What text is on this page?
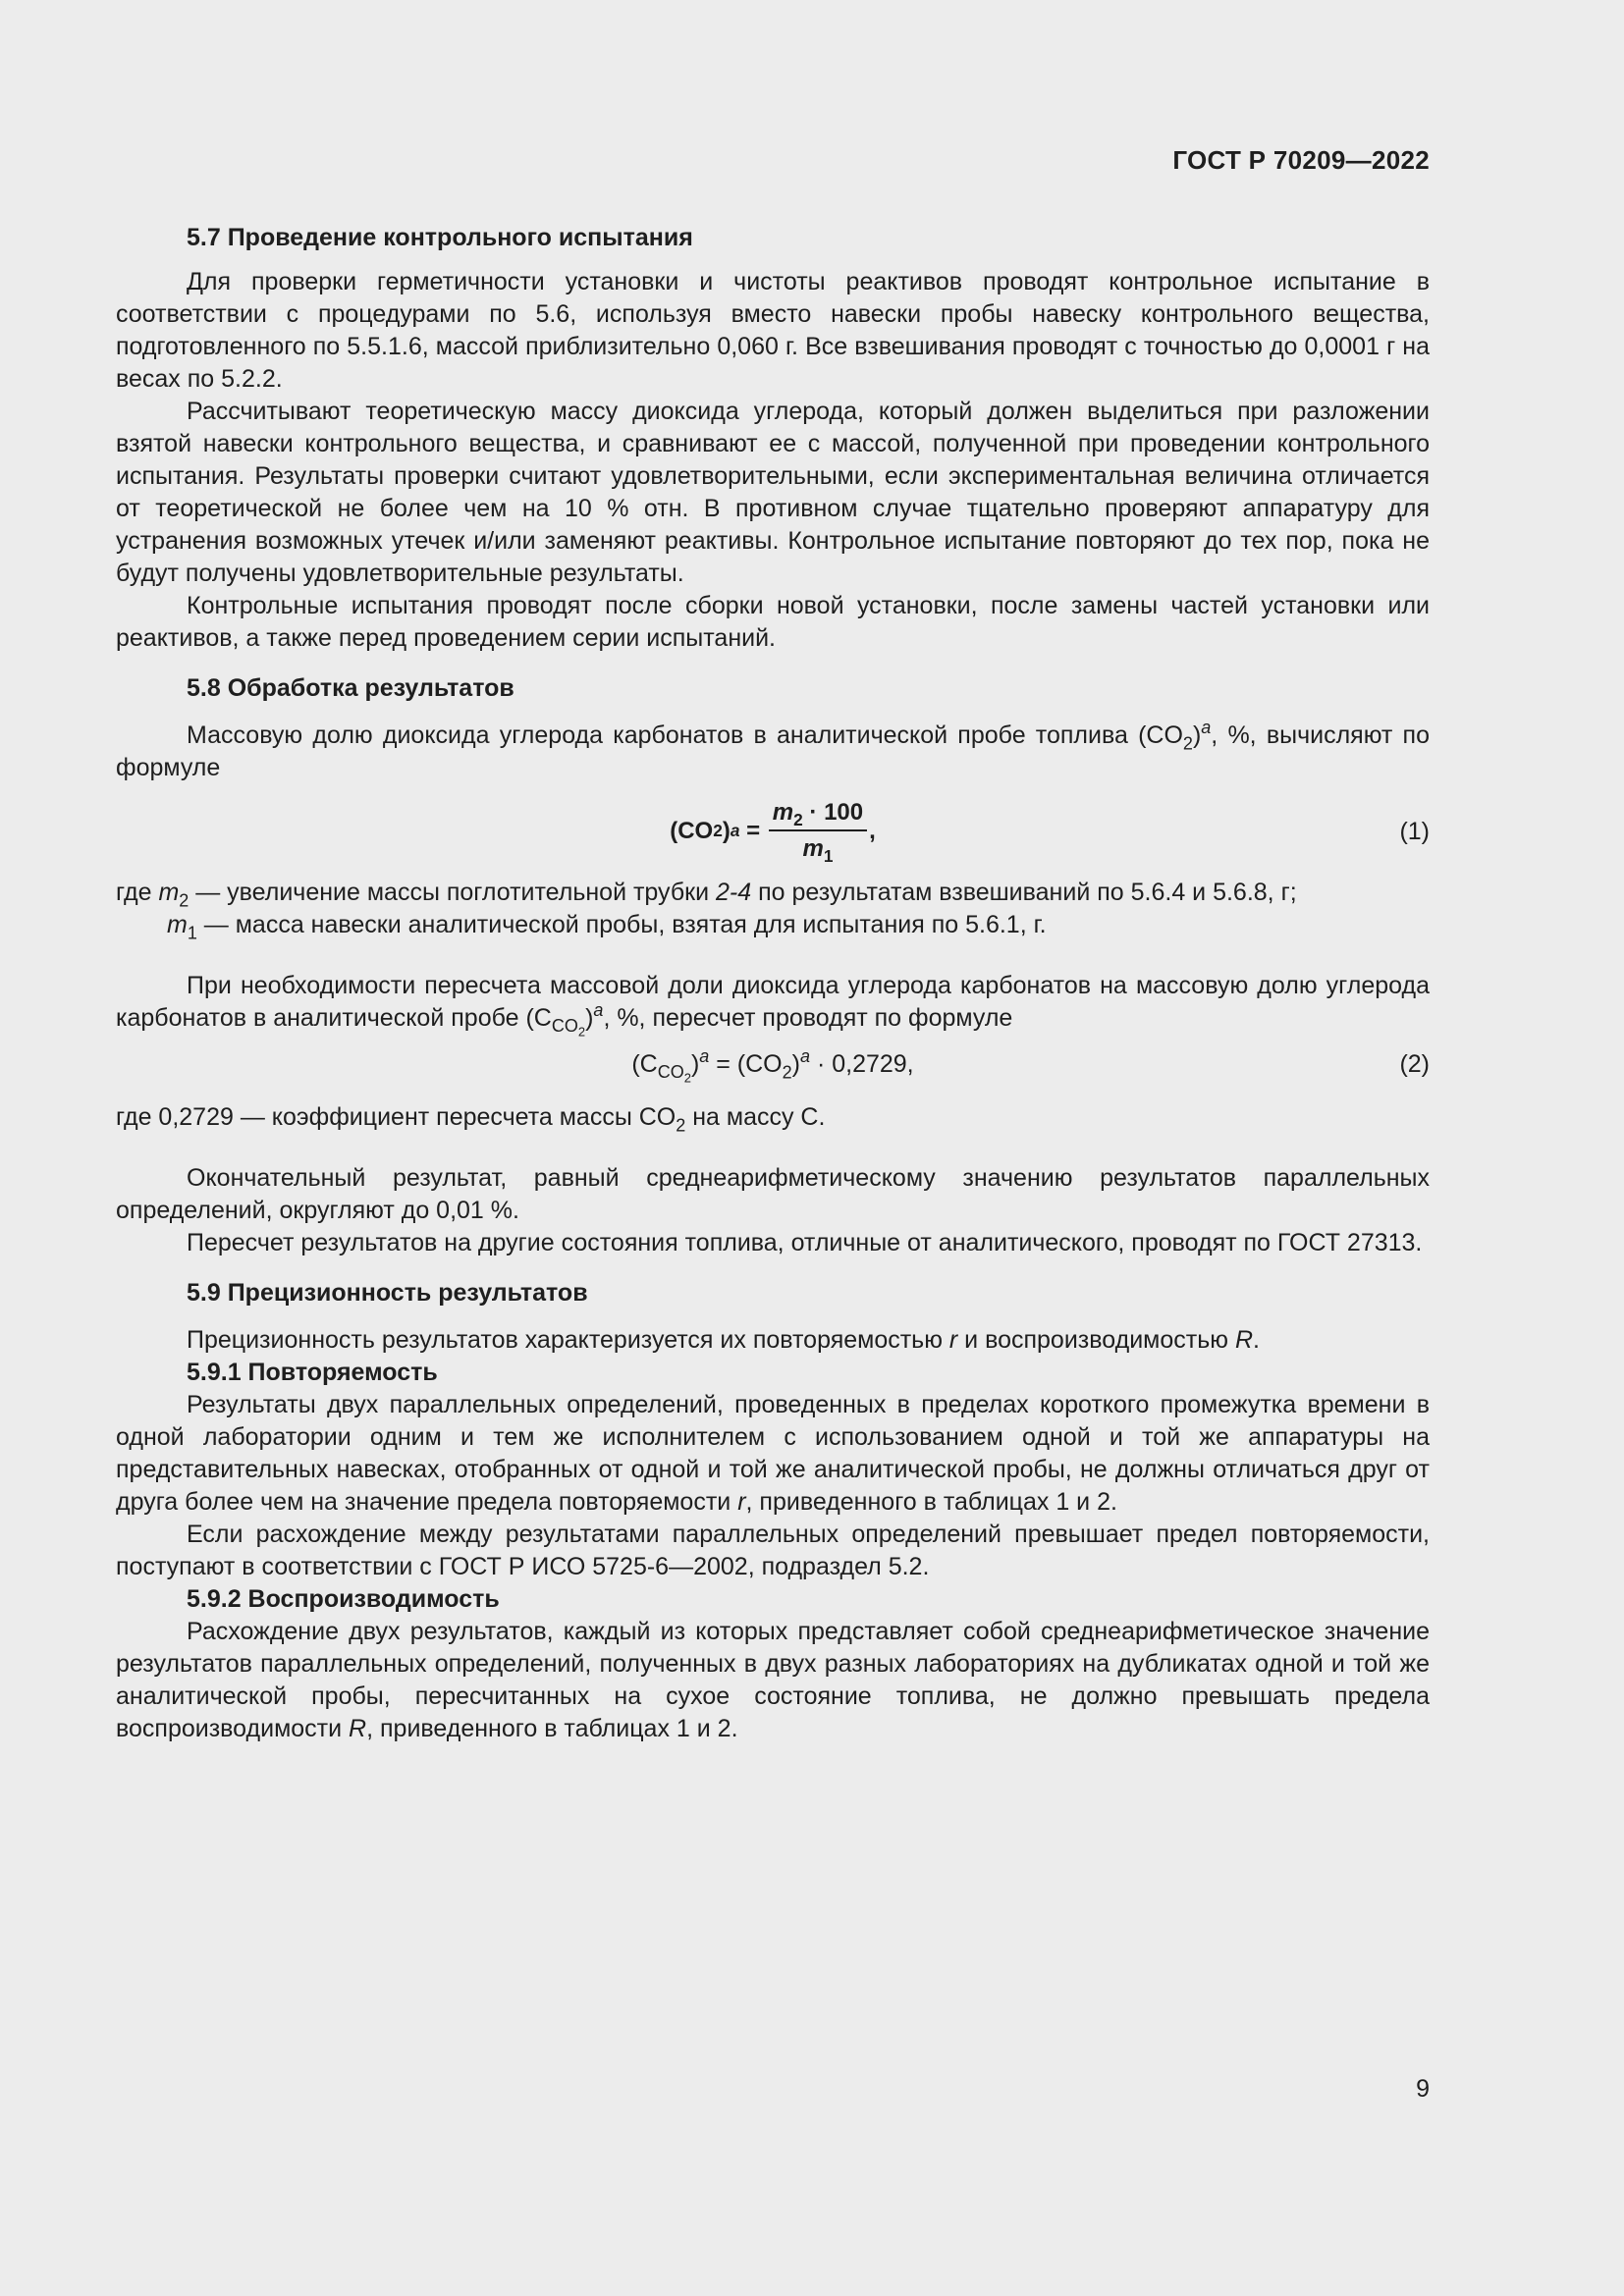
ГОСТ Р 70209—2022
5.7 Проведение контрольного испытания

Для проверки герметичности установки и чистоты реактивов проводят контрольное испытание в соответствии с процедурами по 5.6, используя вместо навески пробы навеску контрольного вещества, подготовленного по 5.5.1.6, массой приблизительно 0,060 г. Все взвешивания проводят с точностью до 0,0001 г на весах по 5.2.2.

Рассчитывают теоретическую массу диоксида углерода, который должен выделиться при разложении взятой навески контрольного вещества, и сравнивают ее с массой, полученной при проведении контрольного испытания. Результаты проверки считают удовлетворительными, если экспериментальная величина отличается от теоретической не более чем на 10 % отн. В противном случае тщательно проверяют аппаратуру для устранения возможных утечек и/или заменяют реактивы. Контрольное испытание повторяют до тех пор, пока не будут получены удовлетворительные результаты.

Контрольные испытания проводят после сборки новой установки, после замены частей установки или реактивов, а также перед проведением серии испытаний.

5.8 Обработка результатов

Массовую долю диоксида углерода карбонатов в аналитической пробе топлива $(CO_2)^a$, %, вычисляют по формуле

(CO 2 ) $a = \frac{m_2 \cdot 100}{m_1}$ ,	(1)

где $m_2$ — увеличение массы поглотительной трубки 2-4 по результатам взвешиваний по 5.6.4 и 5.6.8, г;

$m_1$ — масса навески аналитической пробы, взятая для испытания по 5.6.1, г.

При необходимости пересчета массовой доли диоксида углерода карбонатов на массовую долю углерода карбонатов в аналитической пробе $(C_{CO_2})^a$, %, пересчет проводят по формуле

$(C_{CO_2})^a = (CO_2)^a \cdot 0,2729$,	(2)

где 0,2729 — коэффициент пересчета массы $CO_2$ на массу C.

Окончательный результат, равный среднеарифметическому значению результатов параллельных определений, округляют до 0,01 %.

Пересчет результатов на другие состояния топлива, отличные от аналитического, проводят по ГОСТ 27313.

5.9 Прецизионность результатов

Прецизионность результатов характеризуется их повторяемостью r и воспроизводимостью R.

5.9.1 Повторяемость

Результаты двух параллельных определений, проведенных в пределах короткого промежутка времени в одной лаборатории одним и тем же исполнителем с использованием одной и той же аппаратуры на представительных навесках, отобранных от одной и той же аналитической пробы, не должны отличаться друг от друга более чем на значение предела повторяемости r, приведенного в таблицах 1 и 2.

Если расхождение между результатами параллельных определений превышает предел повторяемости, поступают в соответствии с ГОСТ Р ИСО 5725-6—2002, подраздел 5.2.

5.9.2 Воспроизводимость

Расхождение двух результатов, каждый из которых представляет собой среднеарифметическое значение результатов параллельных определений, полученных в двух разных лабораториях на дубликатах одной и той же аналитической пробы, пересчитанных на сухое состояние топлива, не должно превышать предела воспроизводимости R, приведенного в таблицах 1 и 2.

9
